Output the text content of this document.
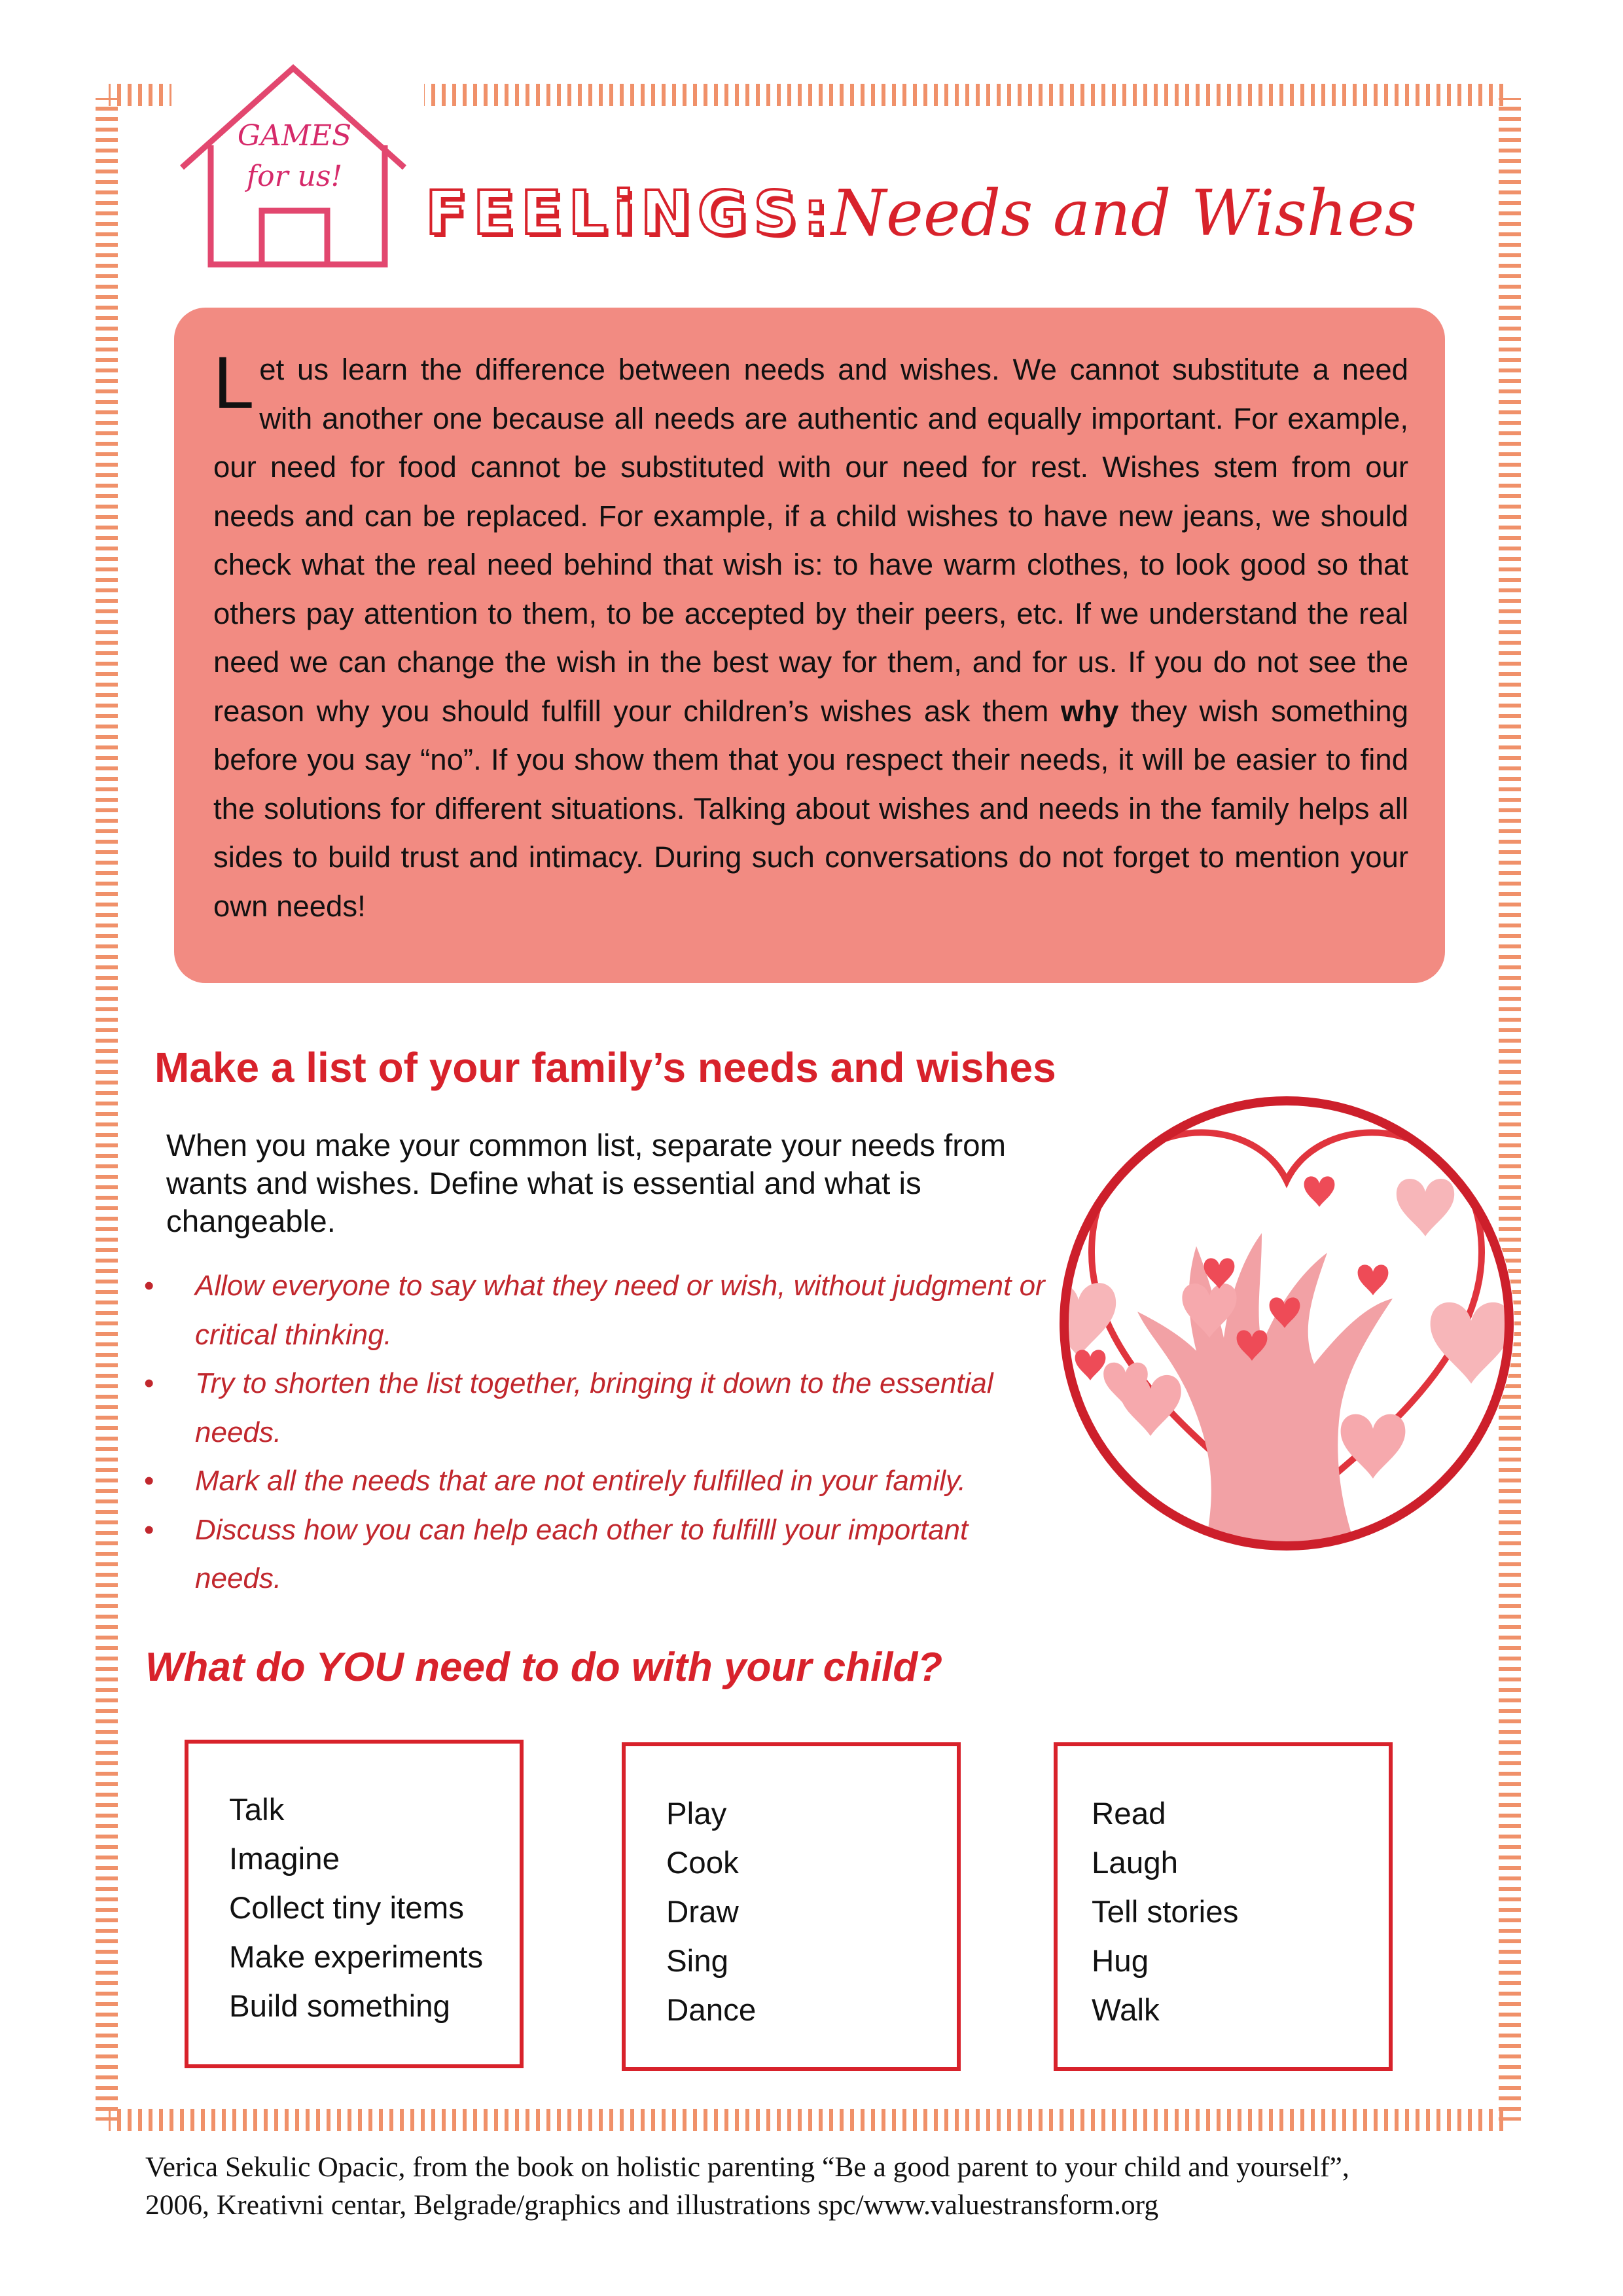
GAMES
for us!
FEELiNGS:
Needs and Wishes
Let us learn the difference between needs and wishes. We cannot substitute a need with another one because all needs are authentic and equally important. For example, our need for food cannot be substituted with our need for rest. Wishes stem from our needs and can be replaced. For example, if a child wishes to have new jeans, we should check what the real need behind that wish is: to have warm clothes, to look good so that others pay attention to them, to be accepted by their peers, etc. If we understand the real need we can change the wish in the best way for them, and for us. If you do not see the reason why you should fulfill your children’s wishes ask them why they wish something before you say “no”. If you show them that you respect their needs, it will be easier to find the solutions for different situations. Talking about wishes and needs in the family helps all sides to build trust and intimacy. During such conversations do not forget to mention your own needs!
Make a list of your family’s needs and wishes
When you make your common list, separate your needs from wants and wishes. Define what is essential and what is changeable.
• Allow everyone to say what they need or wish, without judgment or critical thinking.
• Try to shorten the list together, bringing it down to the essential needs.
• Mark all the needs that are not entirely fulfilled in your family.
• Discuss how you can help each other to fulfilll your important needs.
What do YOU need to do with your child?
Talk
Imagine
Collect tiny items
Make experiments
Build something
Play
Cook
Draw
Sing
Dance
Read
Laugh
Tell stories
Hug
Walk
Verica Sekulic Opacic, from the book on holistic parenting “Be a good parent to your child and yourself”,
2006, Kreativni centar, Belgrade/graphics and illustrations spc/www.valuestransform.org
